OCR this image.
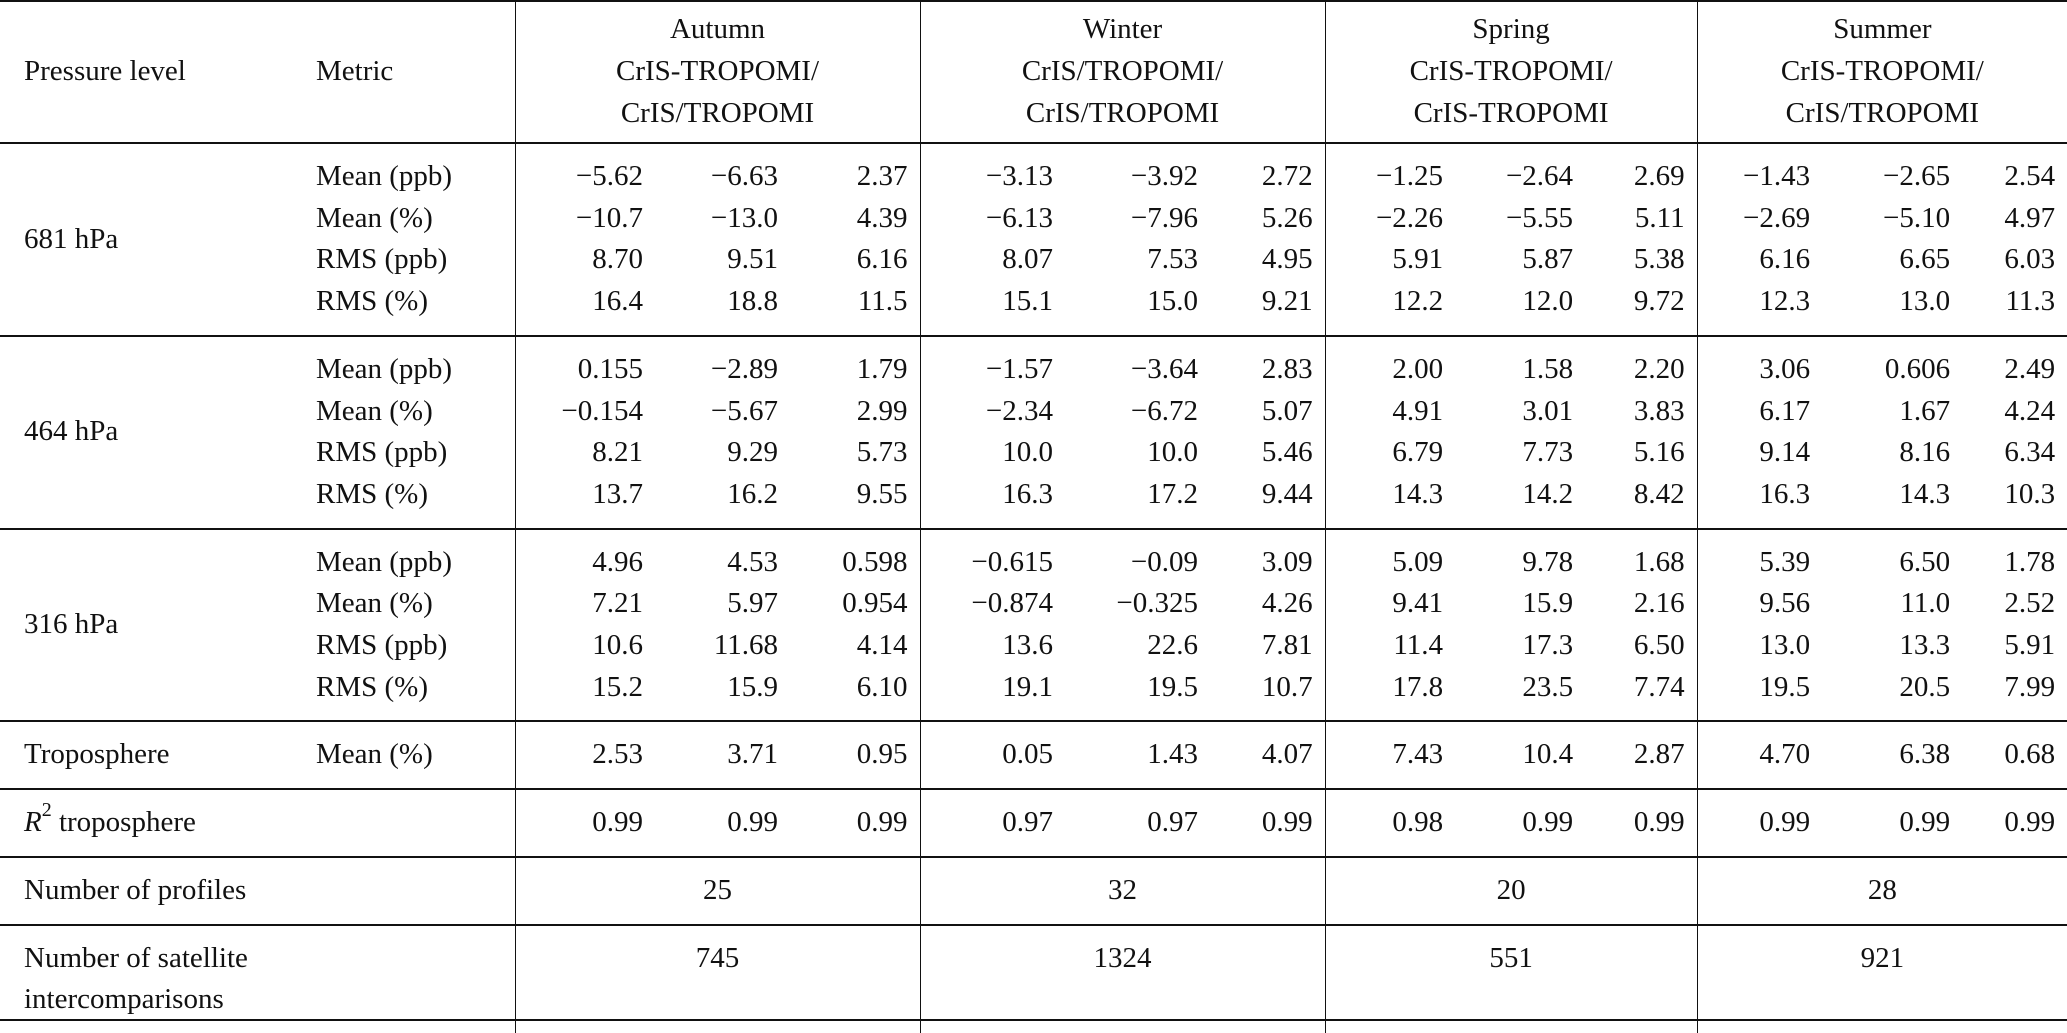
		Autumn			Winter			Spring			Summer		
Pressure level	Metric	CrIS-TROPOMI/			CrIS/TROPOMI/			CrIS-TROPOMI/			CrIS-TROPOMI/		
		CrIS/TROPOMI			CrIS/TROPOMI			CrIS-TROPOMI			CrIS/TROPOMI		

681 hPa	Mean (ppb)	−5.62	−6.63	2.37	−3.13	−3.92	2.72	−1.25	−2.64	2.69	−1.43	−2.65	2.54
	Mean (%)	−10.7	−13.0	4.39	−6.13	−7.96	5.26	−2.26	−5.55	5.11	−2.69	−5.10	4.97
	RMS (ppb)	8.70	9.51	6.16	8.07	7.53	4.95	5.91	5.87	5.38	6.16	6.65	6.03
	RMS (%)	16.4	18.8	11.5	15.1	15.0	9.21	12.2	12.0	9.72	12.3	13.0	11.3

464 hPa	Mean (ppb)	0.155	−2.89	1.79	−1.57	−3.64	2.83	2.00	1.58	2.20	3.06	0.606	2.49
	Mean (%)	−0.154	−5.67	2.99	−2.34	−6.72	5.07	4.91	3.01	3.83	6.17	1.67	4.24
	RMS (ppb)	8.21	9.29	5.73	10.0	10.0	5.46	6.79	7.73	5.16	9.14	8.16	6.34
	RMS (%)	13.7	16.2	9.55	16.3	17.2	9.44	14.3	14.2	8.42	16.3	14.3	10.3

316 hPa	Mean (ppb)	4.96	4.53	0.598	−0.615	−0.09	3.09	5.09	9.78	1.68	5.39	6.50	1.78
	Mean (%)	7.21	5.97	0.954	−0.874	−0.325	4.26	9.41	15.9	2.16	9.56	11.0	2.52
	RMS (ppb)	10.6	11.68	4.14	13.6	22.6	7.81	11.4	17.3	6.50	13.0	13.3	5.91
	RMS (%)	15.2	15.9	6.10	19.1	19.5	10.7	17.8	23.5	7.74	19.5	20.5	7.99

Troposphere	Mean (%)	2.53	3.71	0.95	0.05	1.43	4.07	7.43	10.4	2.87	4.70	6.38	0.68

$R^2$ troposphere		0.99	0.99	0.99	0.97	0.97	0.99	0.98	0.99	0.99	0.99	0.99	0.99

Number of profiles		25			32			20			28		

Number of satellite		745			1324			551			921		
intercomparisons													
